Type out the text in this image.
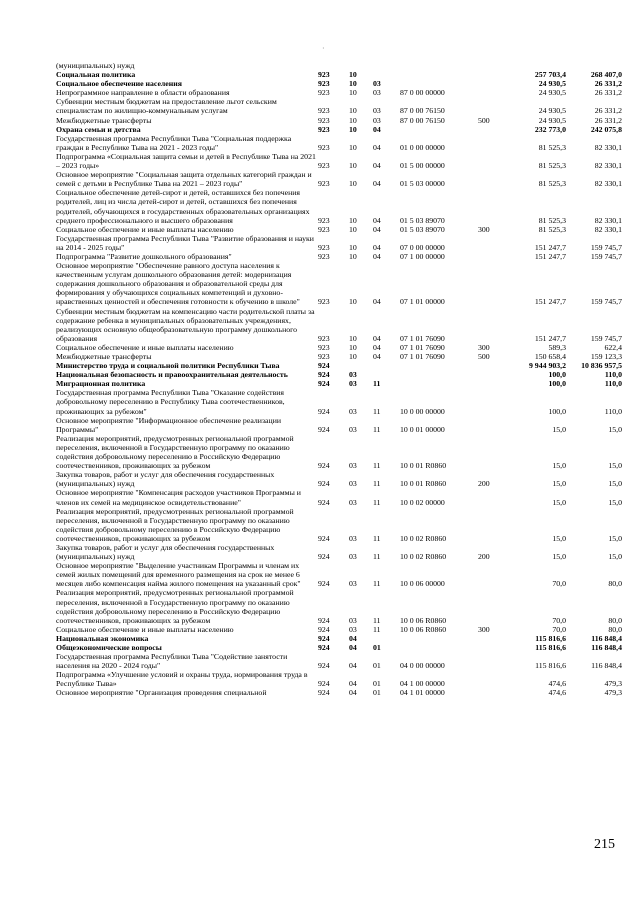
·
(муниципальных) нужд							
Социальная политика	923	10				257 703,4	268 407,0
Социальное обеспечение населения	923	10	03			24 930,5	26 331,2
Непрограммное направление в области образования	923	10	03	87 0 00 00000		24 930,5	26 331,2
Субвенции местным бюджетам на предоставление льгот сельским специалистам по жилищно-коммунальным услугам	923	10	03	87 0 00 76150		24 930,5	26 331,2
Межбюджетные трансферты	923	10	03	87 0 00 76150	500	24 930,5	26 331,2
Охрана семьи и детства	923	10	04			232 773,0	242 075,8
Государственная программа Республики Тыва "Социальная поддержка граждан в Республике Тыва на 2021 - 2023 годы"	923	10	04	01 0 00 00000		81 525,3	82 330,1
Подпрограмма «Социальная защита семьи и детей в Республике Тыва на 2021 – 2023 годы»	923	10	04	01 5 00 00000		81 525,3	82 330,1
Основное мероприятие "Социальная защита отдельных категорий граждан и семей с детьми в Республике Тыва на 2021 – 2023 годы"	923	10	04	01 5 03 00000		81 525,3	82 330,1
Социальное обеспечение детей-сирот и детей, оставшихся без попечения родителей, лиц из числа детей-сирот и детей, оставшихся без попечения родителей, обучающихся в государственных образовательных организациях среднего профессионального и высшего образования	923	10	04	01 5 03 89070		81 525,3	82 330,1
Социальное обеспечение и иные выплаты населению	923	10	04	01 5 03 89070	300	81 525,3	82 330,1
Государственная программа Республики Тыва "Развитие образования и науки на 2014 - 2025 годы"	923	10	04	07 0 00 00000		151 247,7	159 745,7
Подпрограмма "Развитие дошкольного образования"	923	10	04	07 1 00 00000		151 247,7	159 745,7
Основное мероприятие "Обеспечение равного доступа населения к качественным услугам дошкольного образования детей: модернизация содержания дошкольного образования и образовательной среды для формирования у обучающихся социальных компетенций и духовно-нравственных ценностей и обеспечения готовности к обучению в школе"	923	10	04	07 1 01 00000		151 247,7	159 745,7
Субвенции местным бюджетам на компенсацию части родительской платы за содержание ребенка в муниципальных образовательных учреждениях, реализующих основную общеобразовательную программу дошкольного образования	923	10	04	07 1 01 76090		151 247,7	159 745,7
Социальное обеспечение и иные выплаты населению	923	10	04	07 1 01 76090	300	589,3	622,4
Межбюджетные трансферты	923	10	04	07 1 01 76090	500	150 658,4	159 123,3
Министерство труда и социальной политики Республики Тыва	924					9 944 903,2	10 836 957,5
Национальная безопасность и правоохранительная деятельность	924	03				100,0	110,0
Миграционная политика	924	03	11			100,0	110,0
Государственная программа Республики Тыва "Оказание содействия добровольному переселению в Республику Тыва соотечественников, проживающих за рубежом"	924	03	11	10 0 00 00000		100,0	110,0
Основное мероприятие "Информационное обеспечение реализации Программы"	924	03	11	10 0 01 00000		15,0	15,0
Реализация мероприятий, предусмотренных региональной программой переселения, включенной в Государственную программу по оказанию содействия добровольному переселению в Российскую Федерацию соотечественников, проживающих за рубежом	924	03	11	10 0 01 R0860		15,0	15,0
Закупка товаров, работ и услуг для обеспечения государственных (муниципальных) нужд	924	03	11	10 0 01 R0860	200	15,0	15,0
Основное мероприятие "Компенсация расходов участников Программы и членов их семей на медицинское освидетельствование"	924	03	11	10 0 02 00000		15,0	15,0
Реализация мероприятий, предусмотренных региональной программой переселения, включенной в Государственную программу по оказанию содействия добровольному переселению в Российскую Федерацию соотечественников, проживающих за рубежом	924	03	11	10 0 02 R0860		15,0	15,0
Закупка товаров, работ и услуг для обеспечения государственных (муниципальных) нужд	924	03	11	10 0 02 R0860	200	15,0	15,0
Основное мероприятие "Выделение участникам Программы и членам их семей жилых помещений для временного размещения на срок не менее 6 месяцев либо компенсация найма жилого помещения на указанный срок"	924	03	11	10 0 06 00000		70,0	80,0
Реализация мероприятий, предусмотренных региональной программой переселения, включенной в Государственную программу по оказанию содействия добровольному переселению в Российскую Федерацию соотечественников, проживающих за рубежом	924	03	11	10 0 06 R0860		70,0	80,0
Социальное обеспечение и иные выплаты населению	924	03	11	10 0 06 R0860	300	70,0	80,0
Национальная экономика	924	04				115 816,6	116 848,4
Общеэкономические вопросы	924	04	01			115 816,6	116 848,4
Государственная программа Республики Тыва "Содействие занятости населения на 2020 - 2024 годы"	924	04	01	04 0 00 00000		115 816,6	116 848,4
Подпрограмма «Улучшение условий и охраны труда, нормирования труда в Республике Тыва»	924	04	01	04 1 00 00000		474,6	479,3
Основное мероприятие "Организация проведения специальной	924	04	01	04 1 01 00000		474,6	479,3
215
